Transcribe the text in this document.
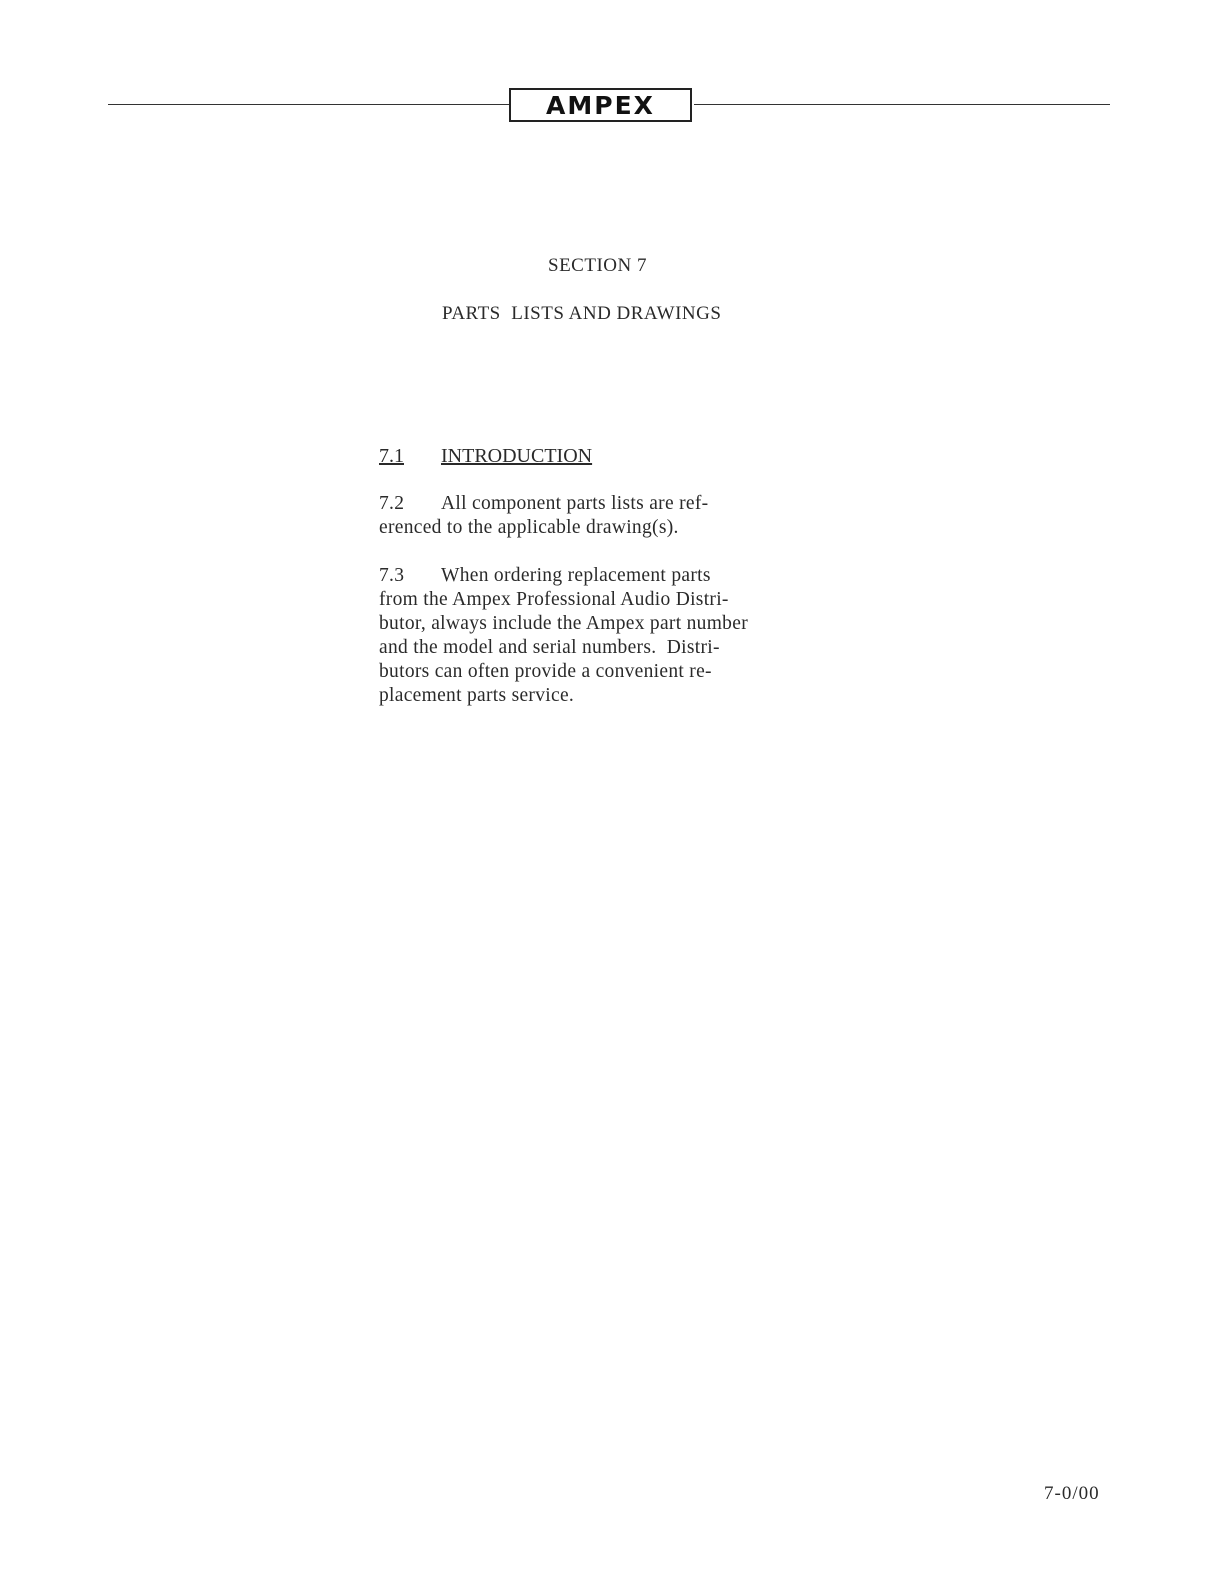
AMPEX
SECTION 7
PARTS  LISTS AND DRAWINGS
7.1 INTRODUCTION
7.2 All component parts lists are ref-
erenced to the applicable drawing(s).
7.3 When ordering replacement parts
from the Ampex Professional Audio Distri-
butor, always include the Ampex part number
and the model and serial numbers.  Distri-
butors can often provide a convenient re-
placement parts service.
7-0/00
